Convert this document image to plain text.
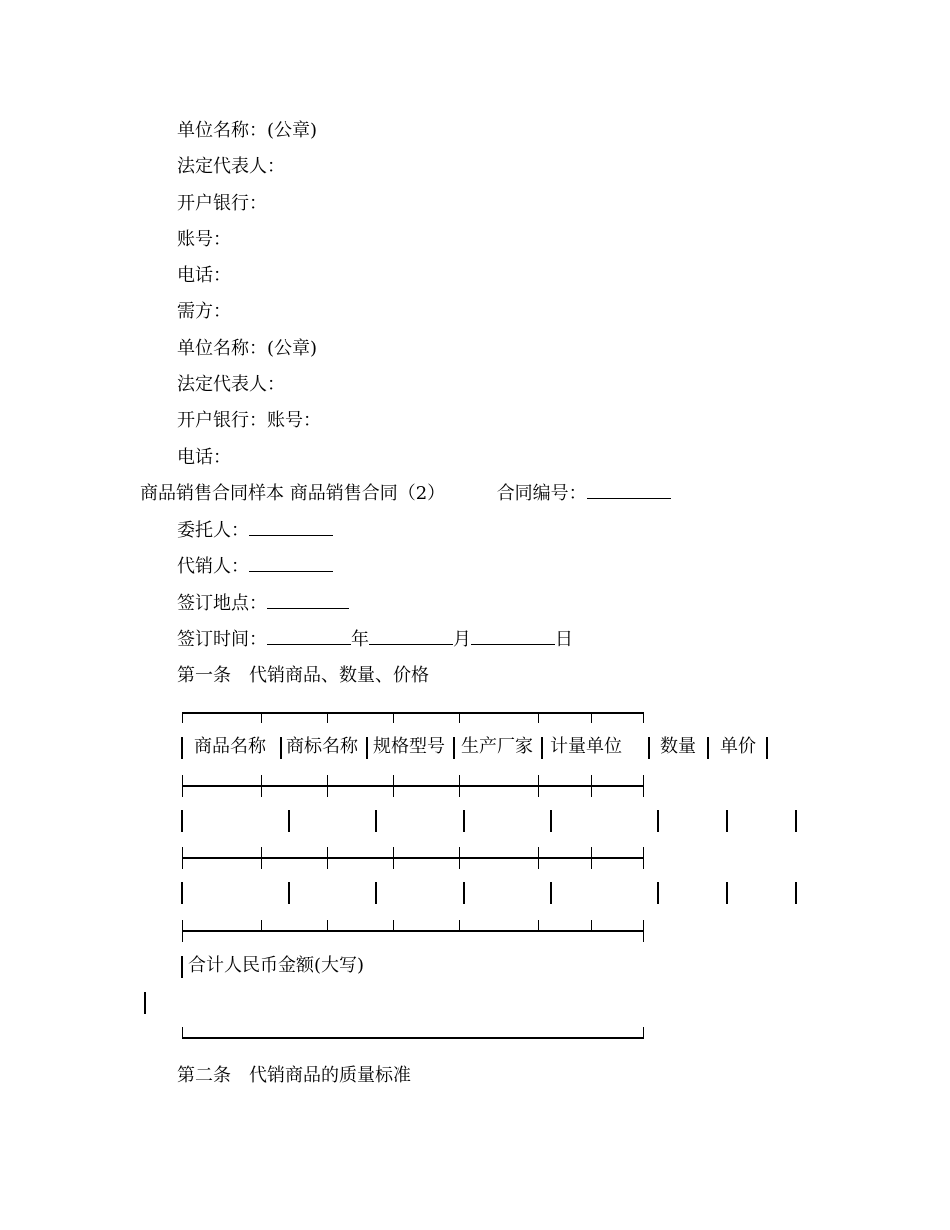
单位名称：(公章)
法定代表人：
开户银行：
账号：
电话：
需方：
单位名称：(公章)
法定代表人：
开户银行：账号：
电话：
商品销售合同样本 商品销售合同（2）	合同编号：
委托人：
代销人：
签订地点：
签订时间：	年	月	日
第一条　代销商品、数量、价格
商品名称 商标名称 规格型号 生产厂家 计量单位 数量 单价
合计人民币金额(大写)
第二条　代销商品的质量标准
